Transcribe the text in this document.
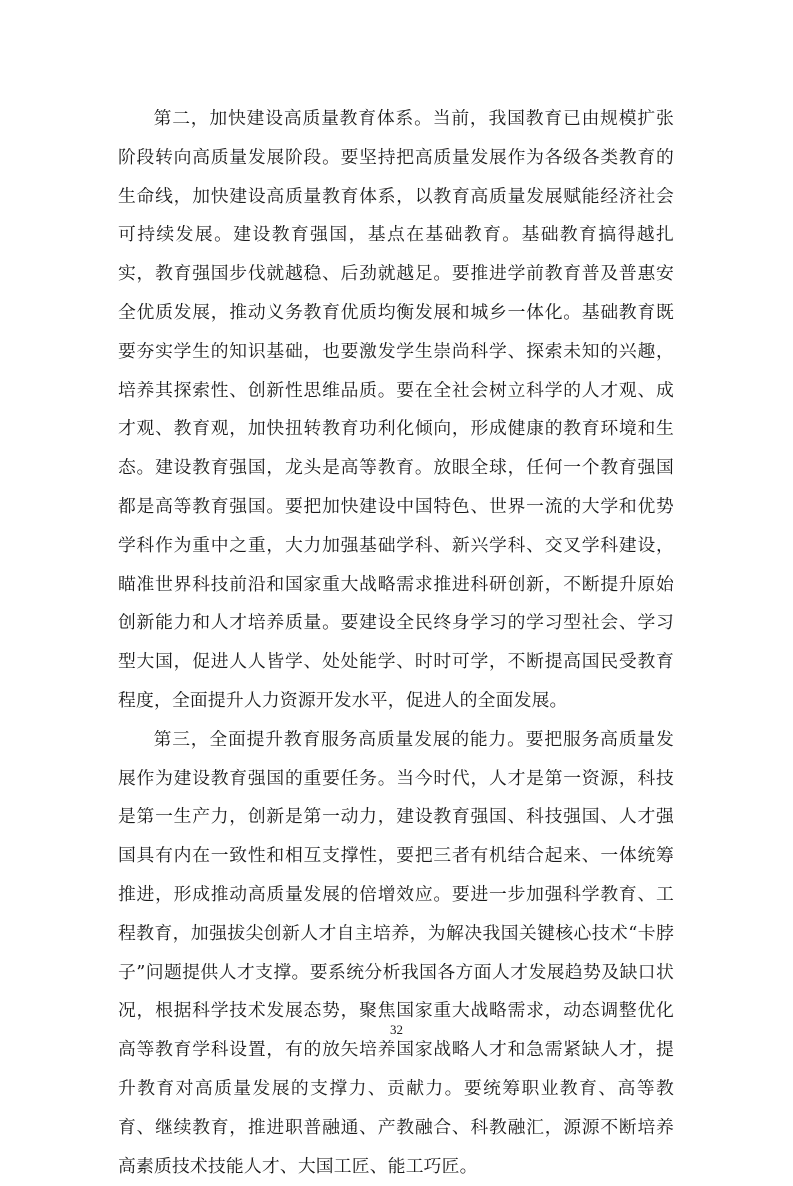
第二，加快建设高质量教育体系。当前，我国教育已由规模扩张阶段转向高质量发展阶段。要坚持把高质量发展作为各级各类教育的生命线，加快建设高质量教育体系，以教育高质量发展赋能经济社会可持续发展。建设教育强国，基点在基础教育。基础教育搞得越扎实，教育强国步伐就越稳、后劲就越足。要推进学前教育普及普惠安全优质发展，推动义务教育优质均衡发展和城乡一体化。基础教育既要夯实学生的知识基础，也要激发学生崇尚科学、探索未知的兴趣，培养其探索性、创新性思维品质。要在全社会树立科学的人才观、成才观、教育观，加快扭转教育功利化倾向，形成健康的教育环境和生态。建设教育强国，龙头是高等教育。放眼全球，任何一个教育强国都是高等教育强国。要把加快建设中国特色、世界一流的大学和优势学科作为重中之重，大力加强基础学科、新兴学科、交叉学科建设，瞄准世界科技前沿和国家重大战略需求推进科研创新，不断提升原始创新能力和人才培养质量。要建设全民终身学习的学习型社会、学习型大国，促进人人皆学、处处能学、时时可学，不断提高国民受教育程度，全面提升人力资源开发水平，促进人的全面发展。

第三，全面提升教育服务高质量发展的能力。要把服务高质量发展作为建设教育强国的重要任务。当今时代，人才是第一资源，科技是第一生产力，创新是第一动力，建设教育强国、科技强国、人才强国具有内在一致性和相互支撑性，要把三者有机结合起来、一体统筹推进，形成推动高质量发展的倍增效应。要进一步加强科学教育、工程教育，加强拔尖创新人才自主培养，为解决我国关键核心技术“卡脖子”问题提供人才支撑。要系统分析我国各方面人才发展趋势及缺口状况，根据科学技术发展态势，聚焦国家重大战略需求，动态调整优化高等教育学科设置，有的放矢培养国家战略人才和急需紧缺人才，提升教育对高质量发展的支撑力、贡献力。要统筹职业教育、高等教育、继续教育，推进职普融通、产教融合、科教融汇，源源不断培养高素质技术技能人才、大国工匠、能工巧匠。

32
